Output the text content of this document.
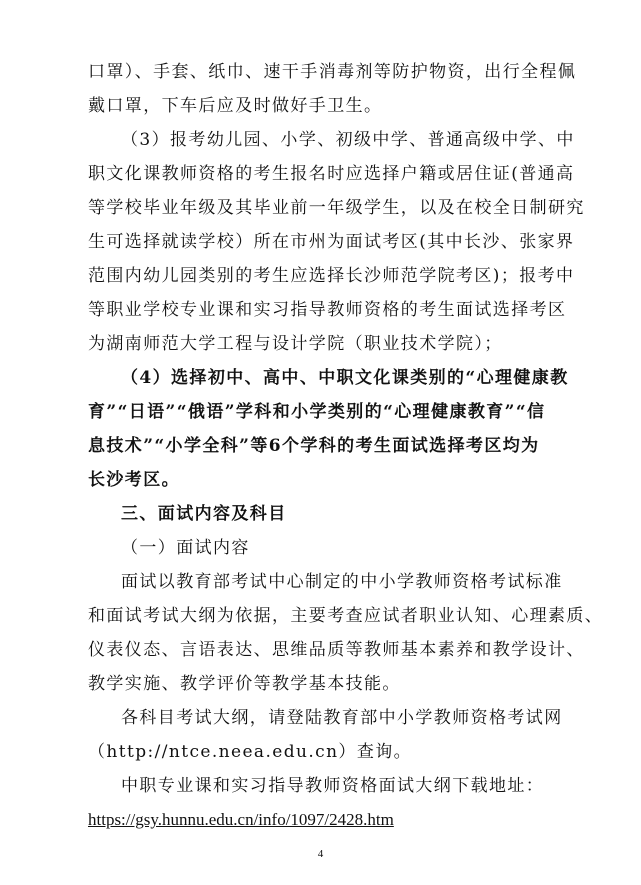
口罩）、手套、纸巾、速干手消毒剂等防护物资，出行全程佩
戴口罩，下车后应及时做好手卫生。
（3）报考幼儿园、小学、初级中学、普通高级中学、中
职文化课教师资格的考生报名时应选择户籍或居住证(普通高
等学校毕业年级及其毕业前一年级学生，以及在校全日制研究
生可选择就读学校）所在市州为面试考区(其中长沙、张家界
范围内幼儿园类别的考生应选择长沙师范学院考区)；报考中
等职业学校专业课和实习指导教师资格的考生面试选择考区
为湖南师范大学工程与设计学院（职业技术学院）；
（4）选择初中、高中、中职文化课类别的“心理健康教
育”“日语”“俄语”学科和小学类别的“心理健康教育”“信
息技术”“小学全科”等6个学科的考生面试选择考区均为
长沙考区。
三、面试内容及科目
（一）面试内容
面试以教育部考试中心制定的中小学教师资格考试标准
和面试考试大纲为依据，主要考查应试者职业认知、心理素质、
仪表仪态、言语表达、思维品质等教师基本素养和教学设计、
教学实施、教学评价等教学基本技能。
各科目考试大纲，请登陆教育部中小学教师资格考试网
（http://ntce.neea.edu.cn）查询。
中职专业课和实习指导教师资格面试大纲下载地址：
https://gsy.hunnu.edu.cn/info/1097/2428.htm
4
